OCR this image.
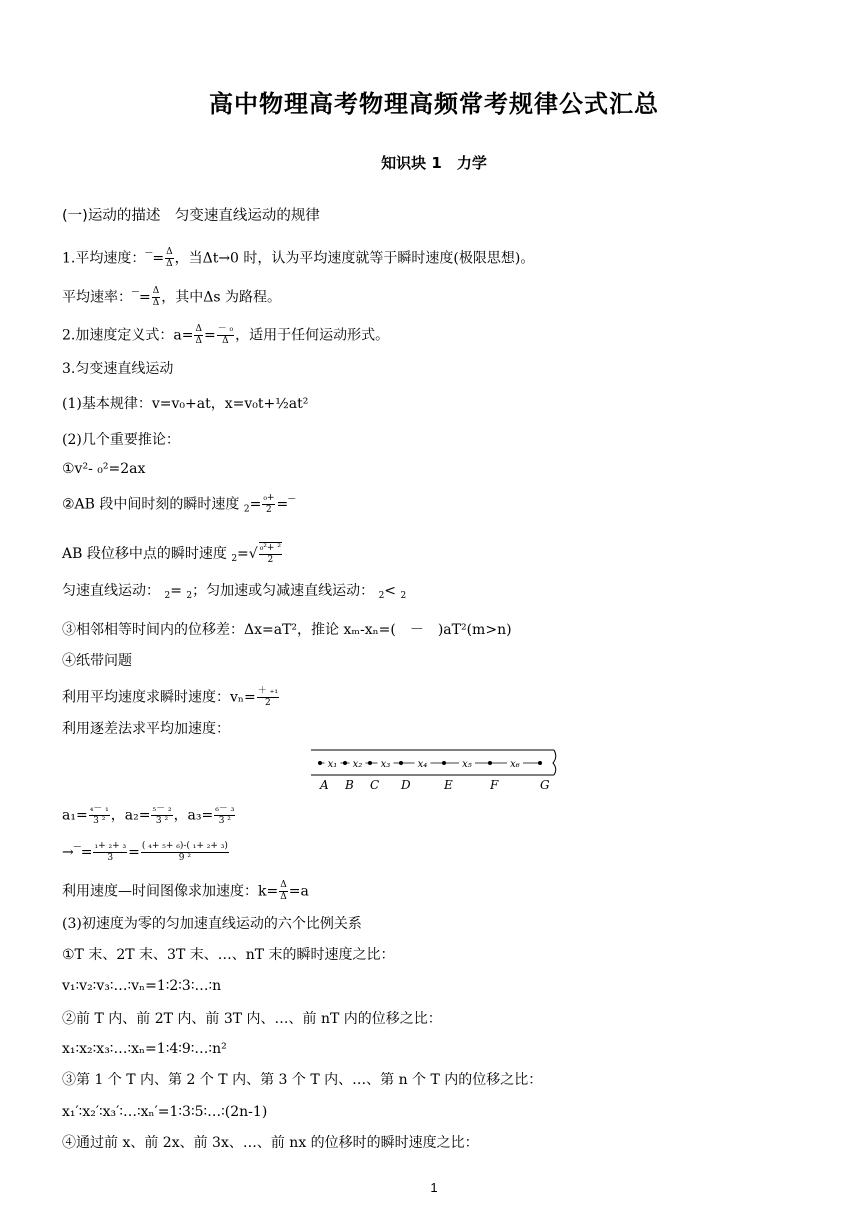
高中物理高考物理高频常考规律公式汇总
知识块 1　力学
(一)运动的描述　匀变速直线运动的规律
1.平均速度：‾= $\frac{\Delta}{\Delta}$ ，当Δt→0 时，认为平均速度就等于瞬时速度(极限思想)。
平均速率：‾= $\frac{\Delta}{\Delta}$ ，其中Δs 为路程。
2.加速度定义式：$a= \frac{\Delta}{\Delta} = \frac{\text{－ ₀}}{\Delta}$ ，适用于任何运动形式。
3.匀变速直线运动
(1)基本规律：v=v₀+at，x=v₀t+½at²
(2)几个重要推论：
①v²- ₀²=2ax
②AB 段中间时刻的瞬时速度 $_2= \frac{\text{₀+}}{2}$ =‾
AB 段位移中点的瞬时速度 $_2=√ \frac{\text{₀²+ ²}}{2}$
匀速直线运动： $_2$= $_2$；匀加速或匀减速直线运动： $_2$< $_2$
③相邻相等时间内的位移差：Δx=aT²，推论 xₘ-xₙ=(　－　)aT²(m>n)
④纸带问题
利用平均速度求瞬时速度：$v_n= \frac{\text{＋ ₊₁}}{2}$
利用逐差法求平均加速度：
x₁ x₂ x₃	x₄	x₅	x₆
A B C D	E	F	G
$a_1= \frac{\text{₄－ ₁}}{\text{3 ²}}$ ，$a_2= \frac{\text{₅－ ₂}}{\text{3 ²}}$ ，$a_3= \frac{\text{₆－ ₃}}{\text{3 ²}}$
→‾= $\frac{\text{₁+ ₂+ ₃}}{3} = \frac{\text{( ₄+ ₅+ ₆)-( ₁+ ₂+ ₃)}}{\text{9 ²}}$
利用速度—时间图像求加速度：$k= \frac{\Delta}{\Delta} =a$
(3)初速度为零的匀加速直线运动的六个比例关系
①T 末、2T 末、3T 末、…、nT 末的瞬时速度之比：
v₁∶v₂∶v₃∶…∶vₙ=1∶2∶3∶…∶n
②前 T 内、前 2T 内、前 3T 内、…、前 nT 内的位移之比：
x₁∶x₂∶x₃∶…∶xₙ=1∶4∶9∶…∶n²
③第 1 个 T 内、第 2 个 T 内、第 3 个 T 内、…、第 n 个 T 内的位移之比：
x₁′∶x₂′∶x₃′∶…∶xₙ′=1∶3∶5∶…∶(2n-1)
④通过前 x、前 2x、前 3x、…、前 nx 的位移时的瞬时速度之比：
1
